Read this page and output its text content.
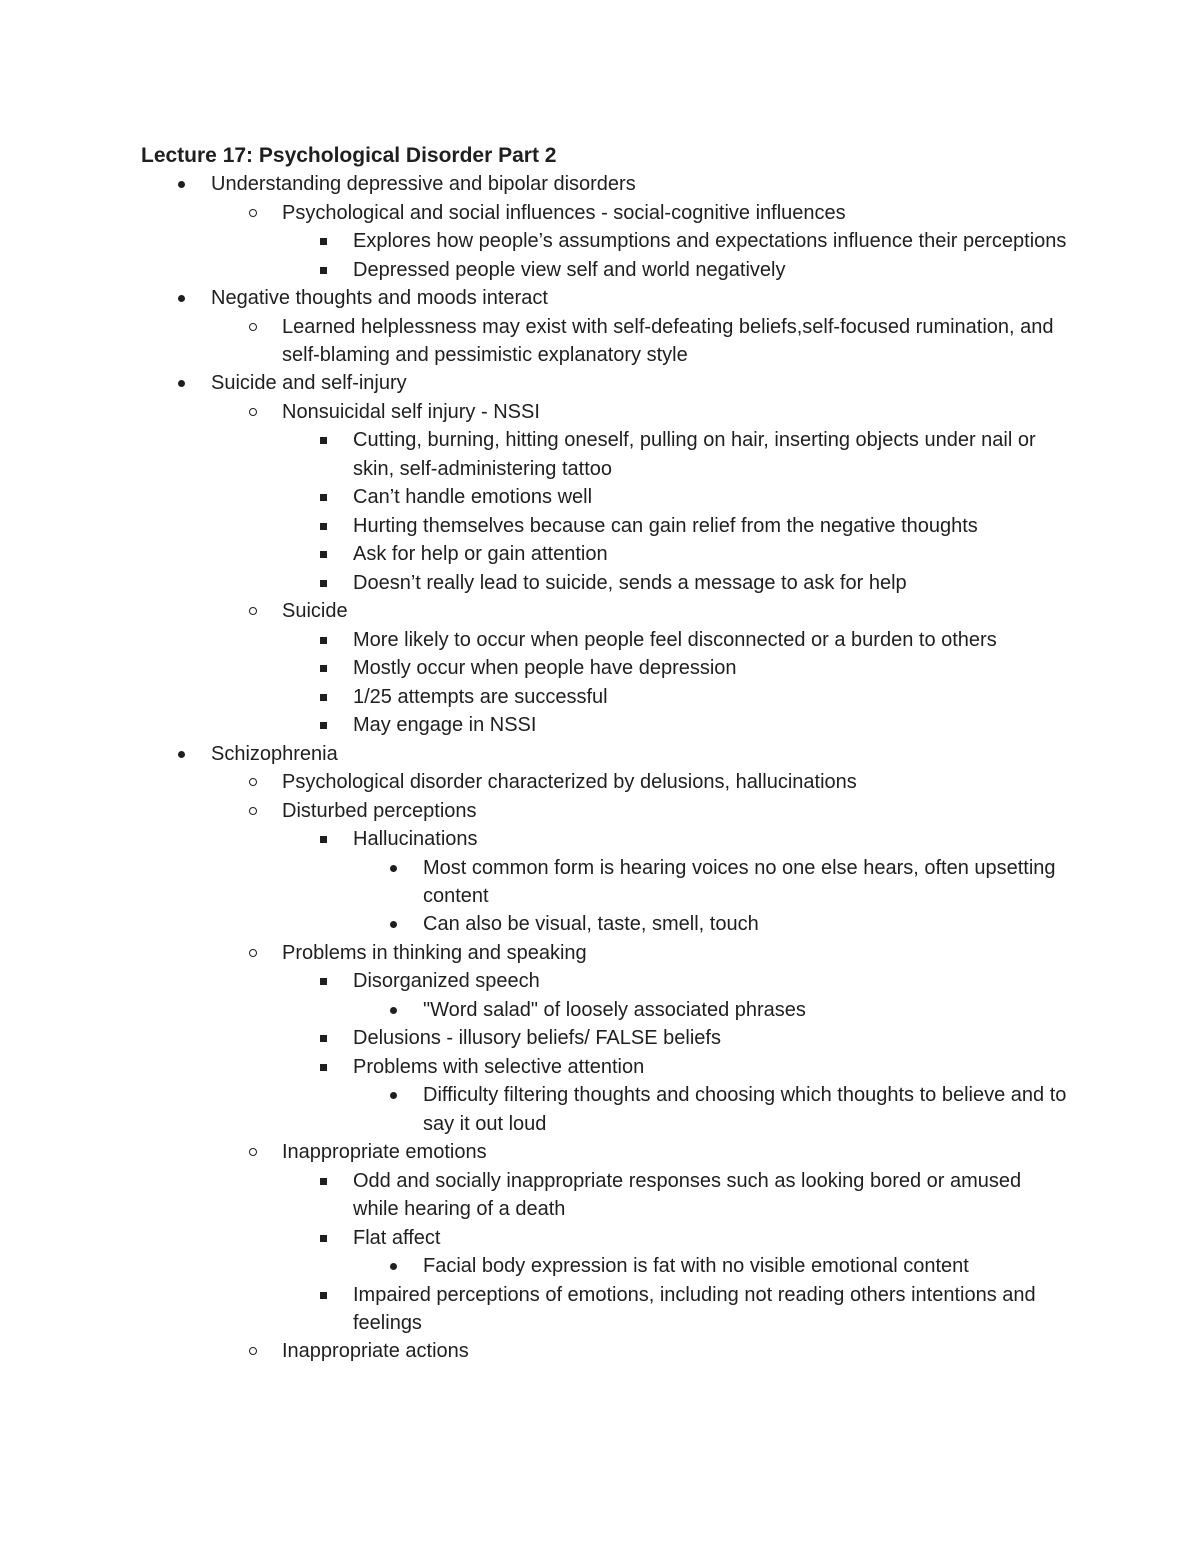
Lecture 17: Psychological Disorder Part 2
Understanding depressive and bipolar disorders
Psychological and social influences - social-cognitive influences
Explores how people’s assumptions and expectations influence their perceptions
Depressed people view self and world negatively
Negative thoughts and moods interact
Learned helplessness may exist with self-defeating beliefs,self-focused rumination, and self-blaming and pessimistic explanatory style
Suicide and self-injury
Nonsuicidal self injury - NSSI
Cutting, burning, hitting oneself, pulling on hair, inserting objects under nail or skin, self-administering tattoo
Can’t handle emotions well
Hurting themselves because can gain relief from the negative thoughts
Ask for help or gain attention
Doesn’t really lead to suicide, sends a message to ask for help
Suicide
More likely to occur when people feel disconnected or a burden to others
Mostly occur when people have depression
1/25 attempts are successful
May engage in NSSI
Schizophrenia
Psychological disorder characterized by delusions, hallucinations
Disturbed perceptions
Hallucinations
Most common form is hearing voices no one else hears, often upsetting content
Can also be visual, taste, smell, touch
Problems in thinking and speaking
Disorganized speech
"Word salad" of loosely associated phrases
Delusions - illusory beliefs/ FALSE beliefs
Problems with selective attention
Difficulty filtering thoughts and choosing which thoughts to believe and to say it out loud
Inappropriate emotions
Odd and socially inappropriate responses such as looking bored or amused while hearing of a death
Flat affect
Facial body expression is fat with no visible emotional content
Impaired perceptions of emotions, including not reading others intentions and feelings
Inappropriate actions
